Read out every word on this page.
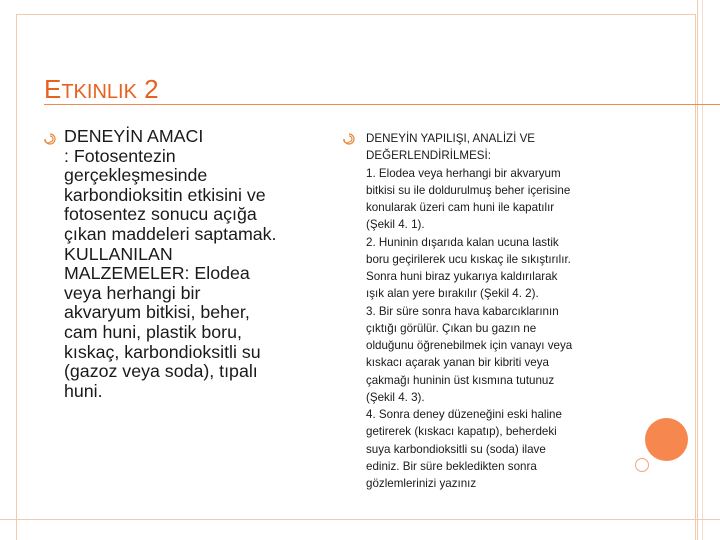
ETKINLIK 2
DENEYİN AMACI
: Fotosentezin
gerçekleşmesinde
karbondioksitin etkisini ve
fotosentez sonucu açığa
çıkan maddeleri saptamak.
KULLANILAN
MALZEMELER: Elodea
veya herhangi bir
akvaryum bitkisi, beher,
cam huni, plastik boru,
kıskaç, karbondioksitli su
(gazoz veya soda), tıpalı
huni.
DENEYİN YAPILIŞI, ANALİZİ VE
DEĞERLENDİRİLMESİ:
1. Elodea veya herhangi bir akvaryum
bitkisi su ile doldurulmuş beher içerisine
konularak üzeri cam huni ile kapatılır
(Şekil 4. 1).
2. Huninin dışarıda kalan ucuna lastik
boru geçirilerek ucu kıskaç ile sıkıştırılır.
Sonra huni biraz yukarıya kaldırılarak
ışık alan yere bırakılır (Şekil 4. 2).
3. Bir süre sonra hava kabarcıklarının
çıktığı görülür. Çıkan bu gazın ne
olduğunu öğrenebilmek için vanayı veya
kıskacı açarak yanan bir kibriti veya
çakmağı huninin üst kısmına tutunuz
(Şekil 4. 3).
4. Sonra deney düzeneğini eski haline
getirerek (kıskacı kapatıp), beherdeki
suya karbondioksitli su (soda) ilave
ediniz. Bir süre bekledikten sonra
gözlemlerinizi yazınız
